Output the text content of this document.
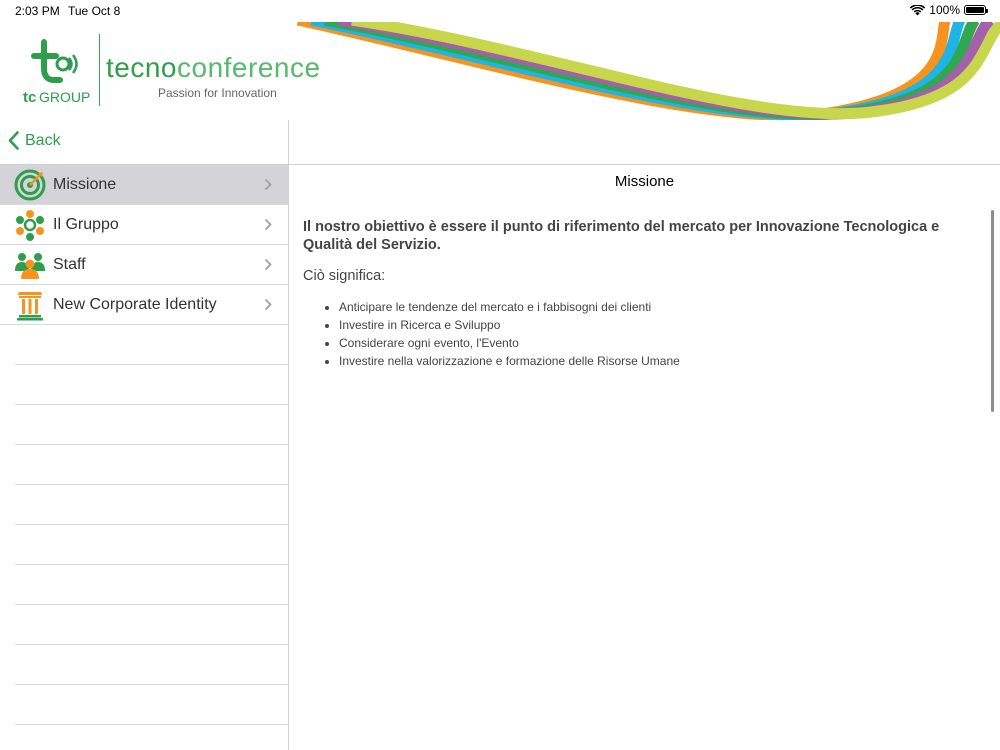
2:03 PM Tue Oct 8	100%
tc GROUP
tecnoconference
Passion for Innovation
Back
Missione
Il Gruppo
Staff
New Corporate Identity
Missione

Il nostro obiettivo è essere il punto di riferimento del mercato per Innovazione Tecnologica e Qualità del Servizio.

Ciò significa:

• Anticipare le tendenze del mercato e i fabbisogni dei clienti
• Investire in Ricerca e Sviluppo
• Considerare ogni evento, l'Evento
• Investire nella valorizzazione e formazione delle Risorse Umane
